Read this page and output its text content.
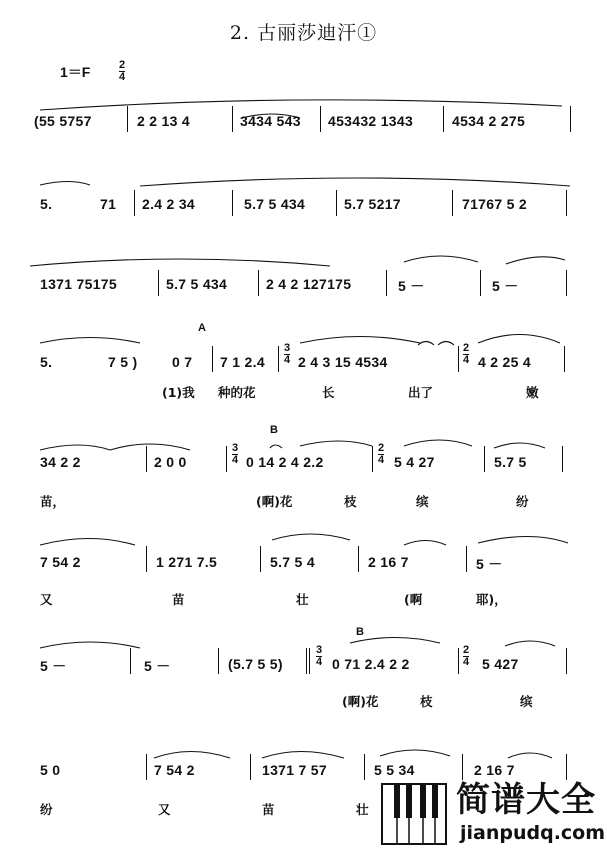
2. 古丽莎迪汗①
1＝F	2
4
(55 5757	2 2 13 4	3434 543 453432 1343	4534 2 275
5.	71 2.4 2 34	5.7 5 434	5.7 5217	71767 5 2
1371 75175	5.7 5 434	2 4 2 127175	5 －	5 －
5.	7 5 )
A
0 7 7 1 2.4
3
4 2 4 3 15 4534
2
4 4 2 25 4
(1)我 种的花	长	出了	嫩
34 2 2	2 0 0
B
3
4 0 14 2 4 2.2
2
4 5 4 27	5.7 5
苗，	(啊)花	枝	缤	纷
7 54 2	1 271 7.5	5.7 5 4	2 16 7	5 －
又	苗	壮	(啊	耶)，
5 －	5 －	(5.7 5 5)
B
3
4 0 71 2.4 2 2
2
4 5 427
(啊)花	枝	缤
5 0	7 54 2	1371 7 57	5 5 34	2 16 7
纷	又	苗	壮	简谱大全
jianpudq.com
